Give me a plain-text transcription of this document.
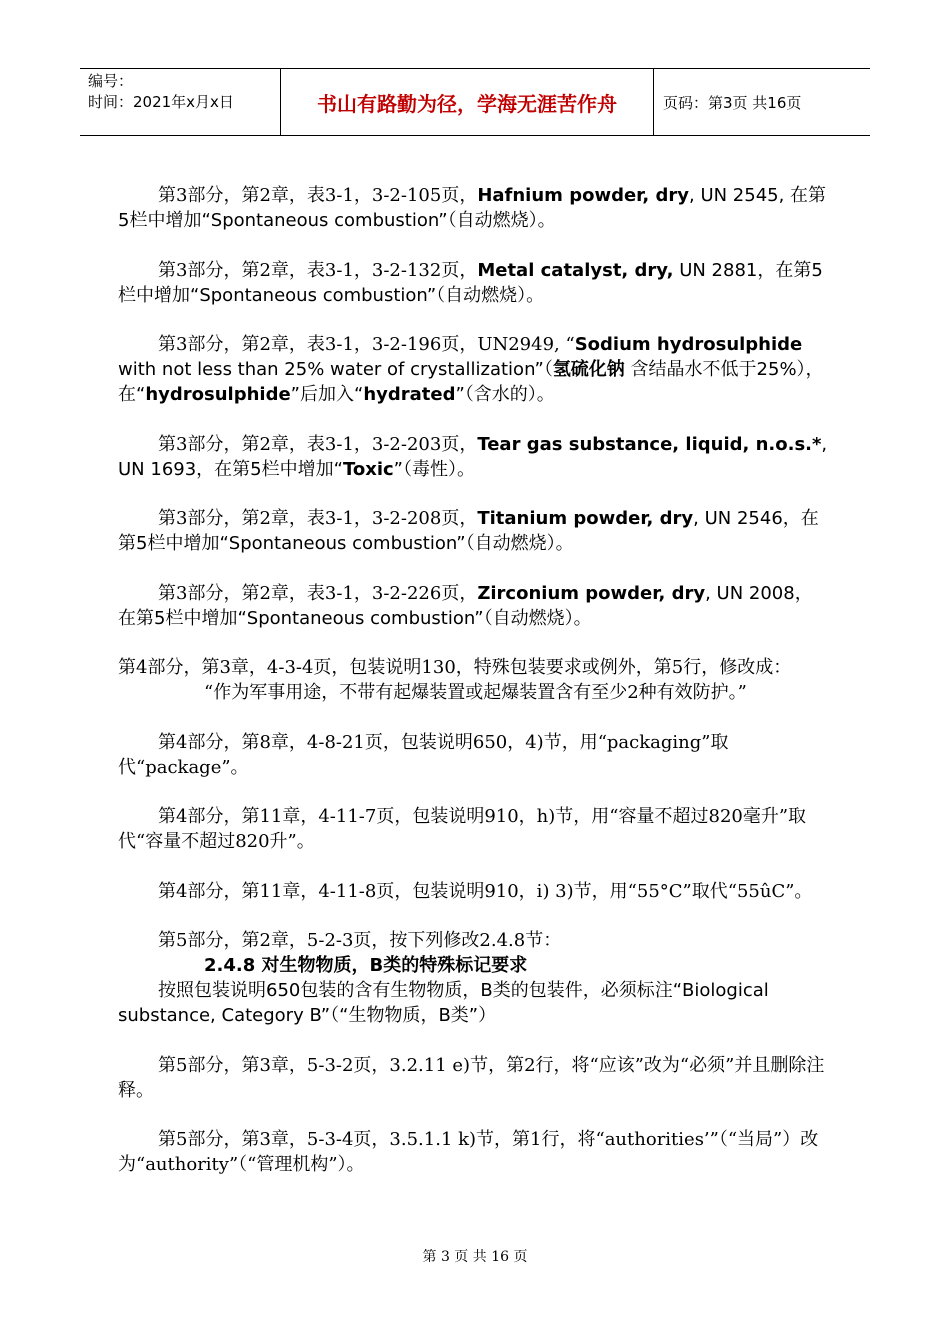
编号：
时间：2021年x月x日	书山有路勤为径，学海无涯苦作舟	页码：第3页 共16页

第3部分，第2章，表3-1，3-2-105页，Hafnium powder, dry, UN 2545, 在第5栏中增加“Spontaneous combustion”（自动燃烧）。

第3部分，第2章，表3-1，3-2-132页，Metal catalyst, dry, UN 2881，在第5栏中增加“Spontaneous combustion”（自动燃烧）。

第3部分，第2章，表3-1，3-2-196页，UN2949, “Sodium hydrosulphide with not less than 25% water of crystallization”（氢硫化钠 含结晶水不低于25%），在“hydrosulphide”后加入“hydrated”（含水的）。

第3部分，第2章，表3-1，3-2-203页，Tear gas substance, liquid, n.o.s.*, UN 1693，在第5栏中增加“Toxic”（毒性）。

第3部分，第2章，表3-1，3-2-208页，Titanium powder, dry, UN 2546，在第5栏中增加“Spontaneous combustion”（自动燃烧）。

第3部分，第2章，表3-1，3-2-226页，Zirconium powder, dry, UN 2008，在第5栏中增加“Spontaneous combustion”（自动燃烧）。

第4部分，第3章，4-3-4页，包装说明130，特殊包装要求或例外，第5行，修改成：

“作为军事用途，不带有起爆装置或起爆装置含有至少2种有效防护。”

第4部分，第8章，4-8-21页，包装说明650，4)节，用“packaging”取代“package”。

第4部分，第11章，4-11-7页，包装说明910，h)节，用“容量不超过820毫升”取代“容量不超过820升”。

第4部分，第11章，4-11-8页，包装说明910，i) 3)节，用“55°C”取代“55ûC”。

第5部分，第2章，5-2-3页，按下列修改2.4.8节：

2.4.8 对生物物质，B类的特殊标记要求

按照包装说明650包装的含有生物物质，B类的包装件，必须标注“Biological substance, Category B”（“生物物质，B类”）

第5部分，第3章，5-3-2页，3.2.11 e)节，第2行，将“应该”改为“必须”并且删除注释。

第5部分，第3章，5-3-4页，3.5.1.1 k)节，第1行，将“authorities’”（“当局”）改为“authority”（“管理机构”）。

第 3 页 共 16 页
